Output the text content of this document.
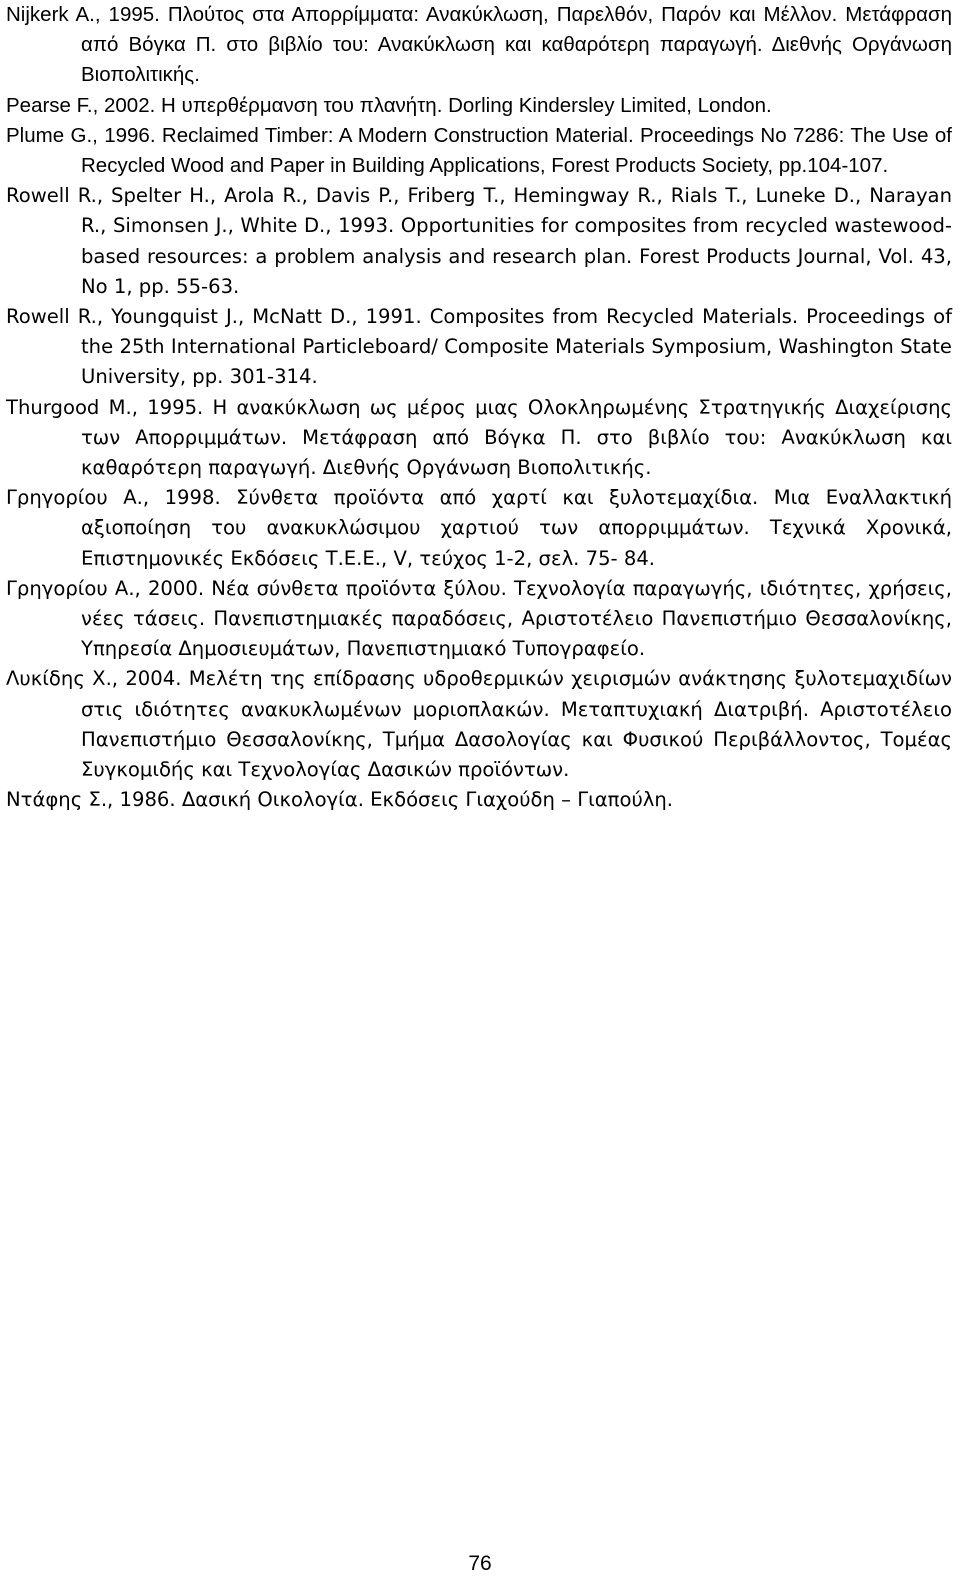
Nijkerk A., 1995. Πλούτος στα Απορρίμματα: Ανακύκλωση, Παρελθόν, Παρόν και Μέλλον. Μετάφραση από Βόγκα Π. στο βιβλίο του: Ανακύκλωση και καθαρότερη παραγωγή. Διεθνής Οργάνωση Βιοπολιτικής.

Pearse F., 2002. Η υπερθέρμανση του πλανήτη. Dorling Kindersley Limited, London.

Plume G., 1996. Reclaimed Timber: A Modern Construction Material. Proceedings No 7286: The Use of Recycled Wood and Paper in Building Applications, Forest Products Society, pp.104-107.

Rowell R., Spelter H., Arola R., Davis P., Friberg T., Hemingway R., Rials T., Luneke D., Narayan R., Simonsen J., White D., 1993. Opportunities for composites from recycled wastewood-based resources: a problem analysis and research plan. Forest Products Journal, Vol. 43, No 1, pp. 55-63.

Rowell R., Youngquist J., McNatt D., 1991. Composites from Recycled Materials. Proceedings of the 25th International Particleboard/ Composite Materials Symposium, Washington State University, pp. 301-314.

Thurgood M., 1995. Η ανακύκλωση ως μέρος μιας Ολοκληρωμένης Στρατηγικής Διαχείρισης των Απορριμμάτων. Μετάφραση από Βόγκα Π. στο βιβλίο του: Ανακύκλωση και καθαρότερη παραγωγή. Διεθνής Οργάνωση Βιοπολιτικής.

Γρηγορίου Α., 1998. Σύνθετα προϊόντα από χαρτί και ξυλοτεμαχίδια. Μια Εναλλακτική αξιοποίηση του ανακυκλώσιμου χαρτιού των απορριμμάτων. Τεχνικά Χρονικά, Επιστημονικές Εκδόσεις Τ.Ε.Ε., V, τεύχος 1-2, σελ. 75- 84.

Γρηγορίου Α., 2000. Νέα σύνθετα προϊόντα ξύλου. Τεχνολογία παραγωγής, ιδιότητες, χρήσεις, νέες τάσεις. Πανεπιστημιακές παραδόσεις, Αριστοτέλειο Πανεπιστήμιο Θεσσαλονίκης, Υπηρεσία Δημοσιευμάτων, Πανεπιστημιακό Τυπογραφείο.

Λυκίδης Χ., 2004. Μελέτη της επίδρασης υδροθερμικών χειρισμών ανάκτησης ξυλοτεμαχιδίων στις ιδιότητες ανακυκλωμένων μοριοπλακών. Μεταπτυχιακή Διατριβή. Αριστοτέλειο Πανεπιστήμιο Θεσσαλονίκης, Τμήμα Δασολογίας και Φυσικού Περιβάλλοντος, Τομέας Συγκομιδής και Τεχνολογίας Δασικών προϊόντων.

Ντάφης Σ., 1986. Δασική Οικολογία. Εκδόσεις Γιαχούδη – Γιαπούλη.

76
